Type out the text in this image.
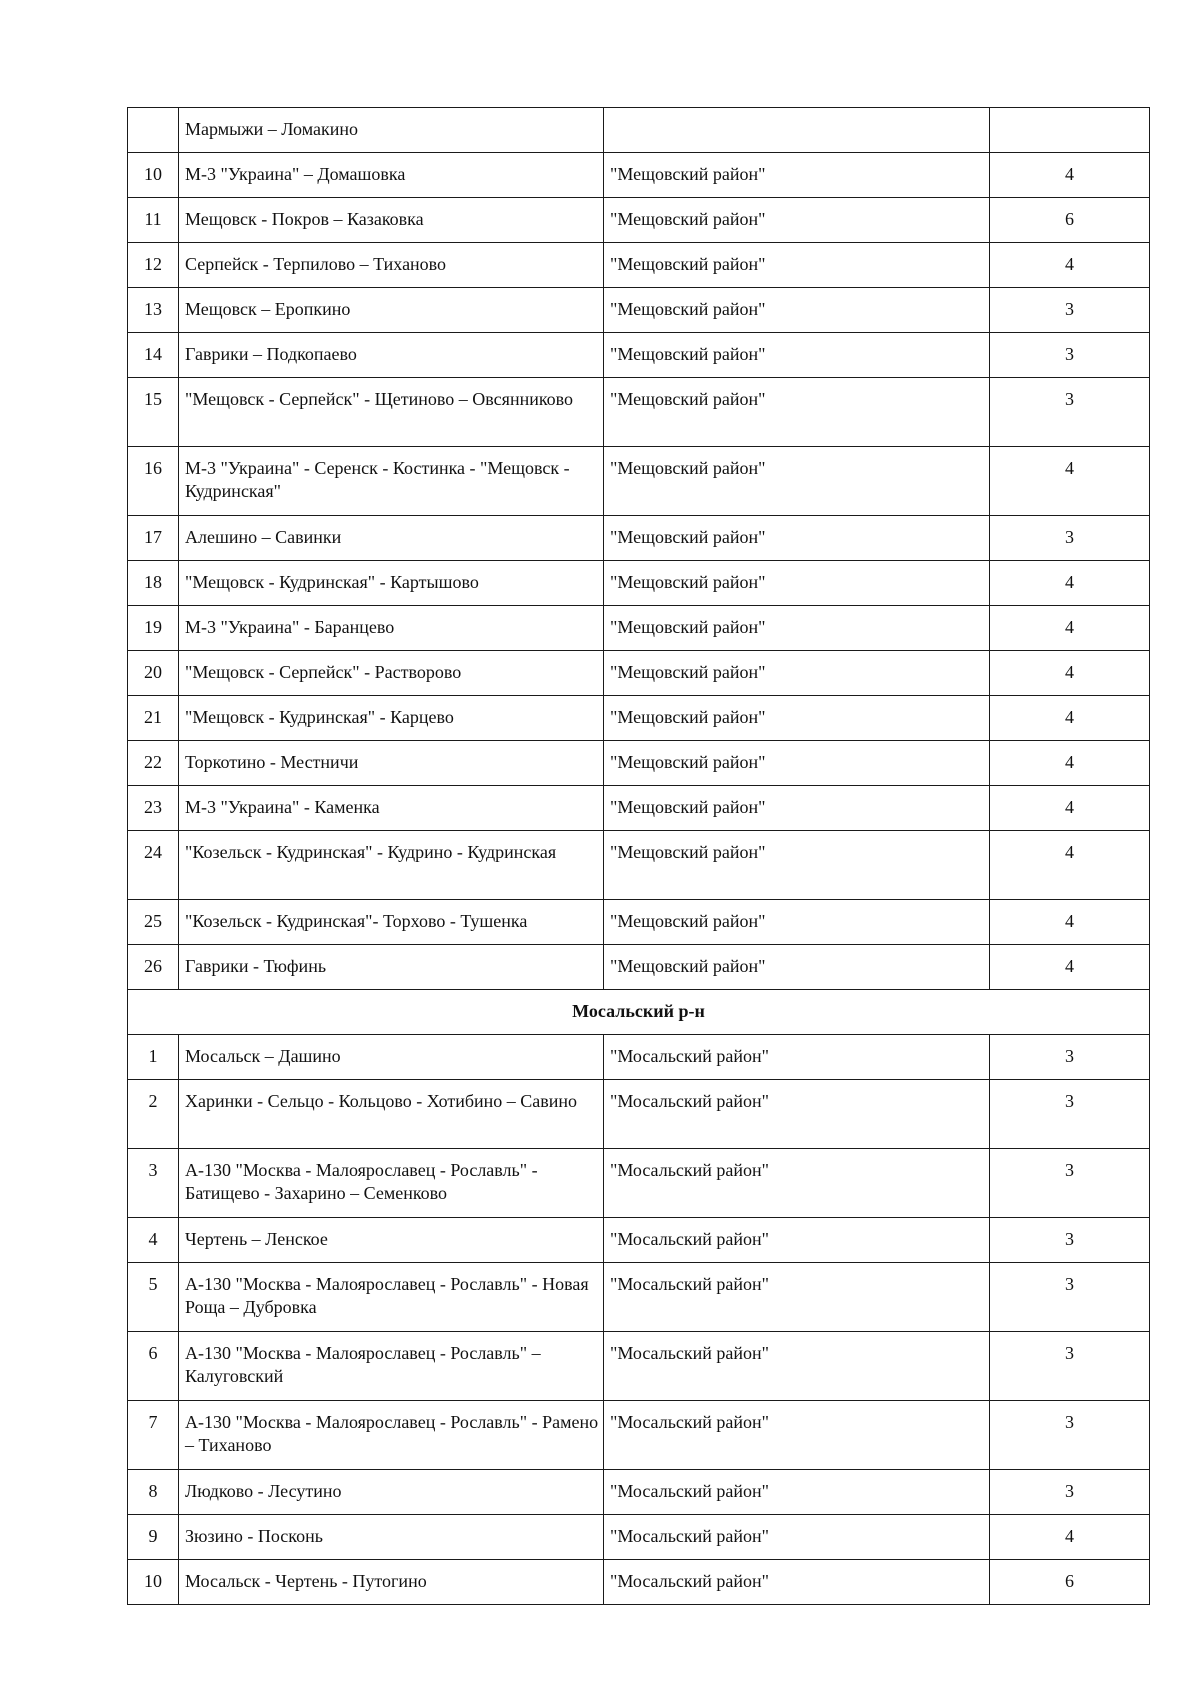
	Мармыжи – Ломакино		

10	М-3 "Украина" – Домашовка	"Мещовский район"	4

11	Мещовск - Покров – Казаковка	"Мещовский район"	6

12	Серпейск - Терпилово – Тиханово	"Мещовский район"	4

13	Мещовск – Еропкино	"Мещовский район"	3

14	Гаврики – Подкопаево	"Мещовский район"	3

15	"Мещовск - Серпейск" - Щетиново – Овсянниково	"Мещовский район"	3

16	М-3 "Украина" - Серенск - Костинка - "Мещовск - Кудринская"	"Мещовский район"	4

17	Алешино – Савинки	"Мещовский район"	3

18	"Мещовск - Кудринская" - Картышово	"Мещовский район"	4

19	М-3 "Украина" - Баранцево	"Мещовский район"	4

20	"Мещовск - Серпейск" - Растворово	"Мещовский район"	4

21	"Мещовск - Кудринская" - Карцево	"Мещовский район"	4

22	Торкотино - Местничи	"Мещовский район"	4

23	М-3 "Украина" - Каменка	"Мещовский район"	4

24	"Козельск - Кудринская" - Кудрино - Кудринская	"Мещовский район"	4

25	"Козельск - Кудринская"- Торхово - Тушенка	"Мещовский район"	4

26	Гаврики - Тюфинь	"Мещовский район"	4

Мосальский р-н			

1	Мосальск – Дашино	"Мосальский район"	3

2	Харинки - Сельцо - Кольцово - Хотибино – Савино	"Мосальский район"	3

3	А-130 "Москва - Малоярославец - Рославль" - Батищево - Захарино – Семенково	"Мосальский район"	3

4	Чертень – Ленское	"Мосальский район"	3

5	А-130 "Москва - Малоярославец - Рославль" - Новая Роща – Дубровка	"Мосальский район"	3

6	А-130 "Москва - Малоярославец - Рославль" – Калуговский	"Мосальский район"	3

7	А-130 "Москва - Малоярославец - Рославль" - Рамено – Тиханово	"Мосальский район"	3

8	Людково - Лесутино	"Мосальский район"	3

9	Зюзино - Посконь	"Мосальский район"	4

10	Мосальск - Чертень - Путогино	"Мосальский район"	6
